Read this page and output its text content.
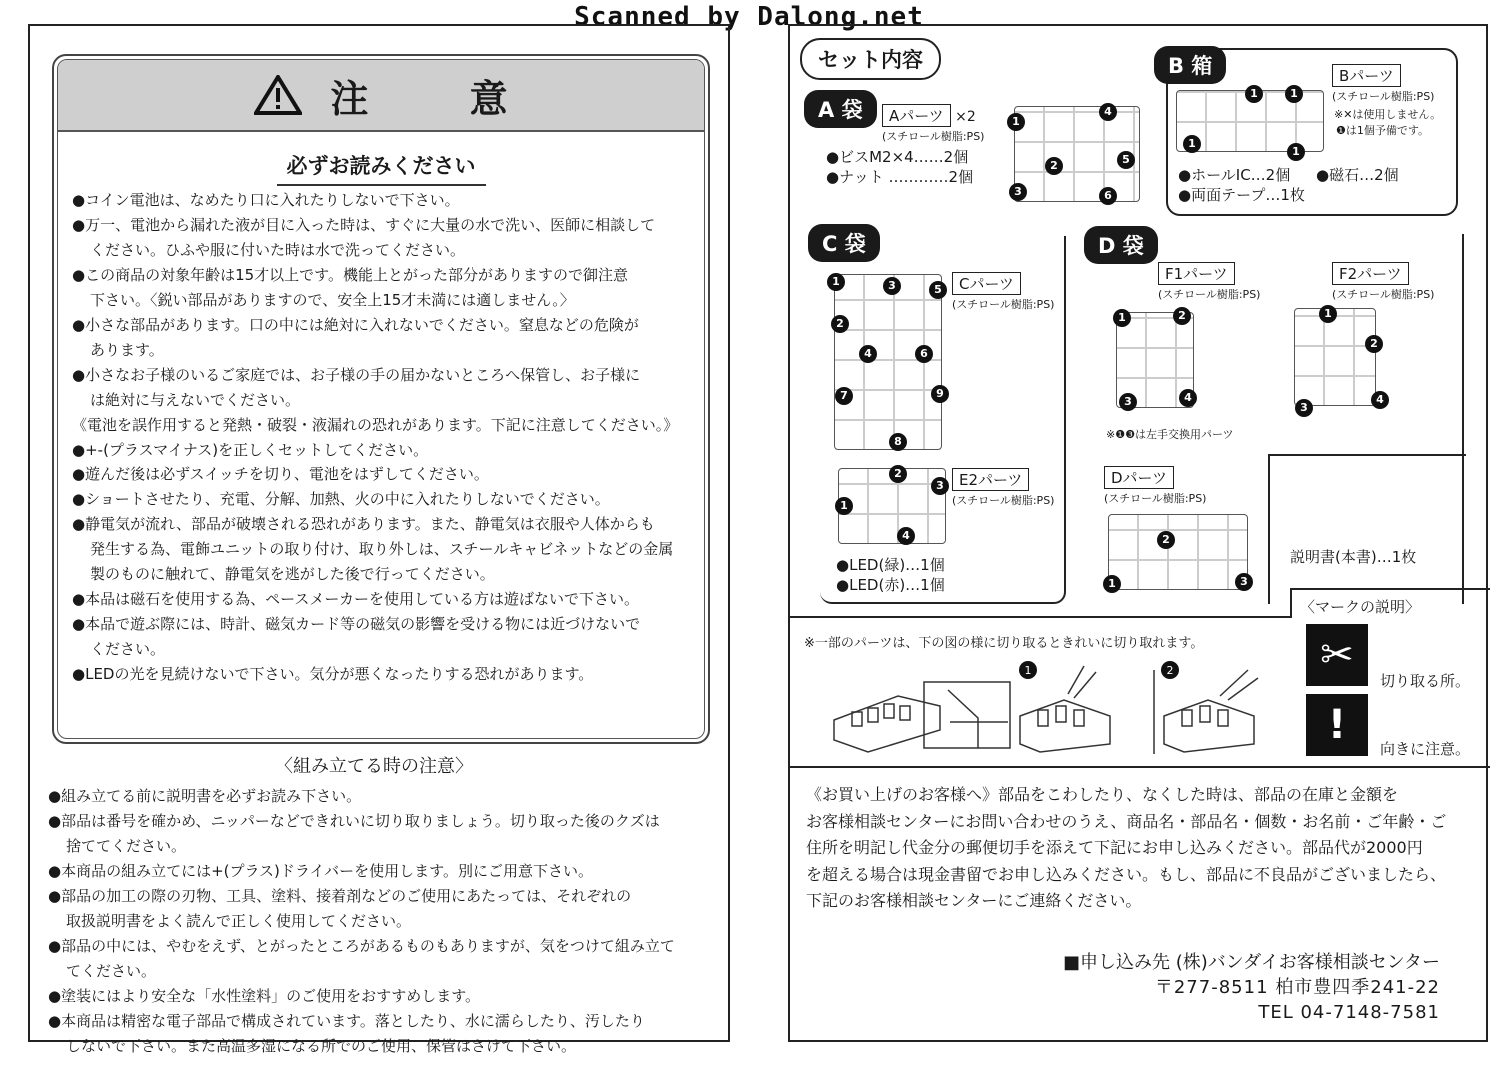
Scanned by Dalong.net
注 意
必ずお読みください
●コイン電池は、なめたり口に入れたりしないで下さい。
●万一、電池から漏れた液が目に入った時は、すぐに大量の水で洗い、医師に相談して
ください。ひふや服に付いた時は水で洗ってください。
●この商品の対象年齢は15才以上です。機能上とがった部分がありますので御注意
下さい。〈鋭い部品がありますので、安全上15才未満には適しません。〉
●小さな部品があります。口の中には絶対に入れないでください。窒息などの危険が
あります。
●小さなお子様のいるご家庭では、お子様の手の届かないところへ保管し、お子様に
は絶対に与えないでください。
《電池を誤作用すると発熱・破裂・液漏れの恐れがあります。下記に注意してください。》
●+-(プラスマイナス)を正しくセットしてください。
●遊んだ後は必ずスイッチを切り、電池をはずしてください。
●ショートさせたり、充電、分解、加熱、火の中に入れたりしないでください。
●静電気が流れ、部品が破壊される恐れがあります。また、静電気は衣服や人体からも
発生する為、電飾ユニットの取り付け、取り外しは、スチールキャビネットなどの金属
製のものに触れて、静電気を逃がした後で行ってください。
●本品は磁石を使用する為、ペースメーカーを使用している方は遊ばないで下さい。
●本品で遊ぶ際には、時計、磁気カード等の磁気の影響を受ける物には近づけないで
ください。
●LEDの光を見続けないで下さい。気分が悪くなったりする恐れがあります。
〈組み立てる時の注意〉
●組み立てる前に説明書を必ずお読み下さい。
●部品は番号を確かめ、ニッパーなどできれいに切り取りましょう。切り取った後のクズは
捨ててください。
●本商品の組み立てには+(プラス)ドライバーを使用します。別にご用意下さい。
●部品の加工の際の刃物、工具、塗料、接着剤などのご使用にあたっては、それぞれの
取扱説明書をよく読んで正しく使用してください。
●部品の中には、やむをえず、とがったところがあるものもありますが、気をつけて組み立て
てください。
●塗装にはより安全な「水性塗料」のご使用をおすすめします。
●本商品は精密な電子部品で構成されています。落としたり、水に濡らしたり、汚したり
しないで下さい。また高温多湿になる所でのご使用、保管はさけて下さい。
セット内容
A 袋	Aパーツ ×2
(スチロール樹脂:PS)
●ビスM2×4……2個
●ナット …………2個
1
4
2	5
3	6
B 箱	Bパーツ
(スチロール樹脂:PS)
※✕は使用しません。
❶は1個予備です。
1	1
1
1
●ホールIC…2個 ●磁石…2個
●両面テープ…1枚
C 袋
Cパーツ
(スチロール樹脂:PS)
1	3	5
2
4	6
7	9
8
E2パーツ
(スチロール樹脂:PS)
2
3
1
4
●LED(緑)…1個
●LED(赤)…1個
D 袋
F1パーツ
(スチロール樹脂:PS)
F2パーツ
(スチロール樹脂:PS)
1	2
3	4
1
2
3
4
※❶❸は左手交換用パーツ
Dパーツ
(スチロール樹脂:PS)
2
1	3
説明書(本書)…1枚
※一部のパーツは、下の図の様に切り取るときれいに切り取れます。
〈マークの説明〉
1	2	✂
切り取る所。
!
向きに注意。
《お買い上げのお客様へ》部品をこわしたり、なくした時は、部品の在庫と金額を
お客様相談センターにお問い合わせのうえ、商品名・部品名・個数・お名前・ご年齢・ご
住所を明記し代金分の郵便切手を添えて下記にお申し込みください。部品代が2000円
を超える場合は現金書留でお申し込みください。もし、部品に不良品がございましたら、
下記のお客様相談センターにご連絡ください。
■申し込み先 (株)バンダイお客様相談センター
〒277-8511 柏市豊四季241-22
TEL 04-7148-7581
